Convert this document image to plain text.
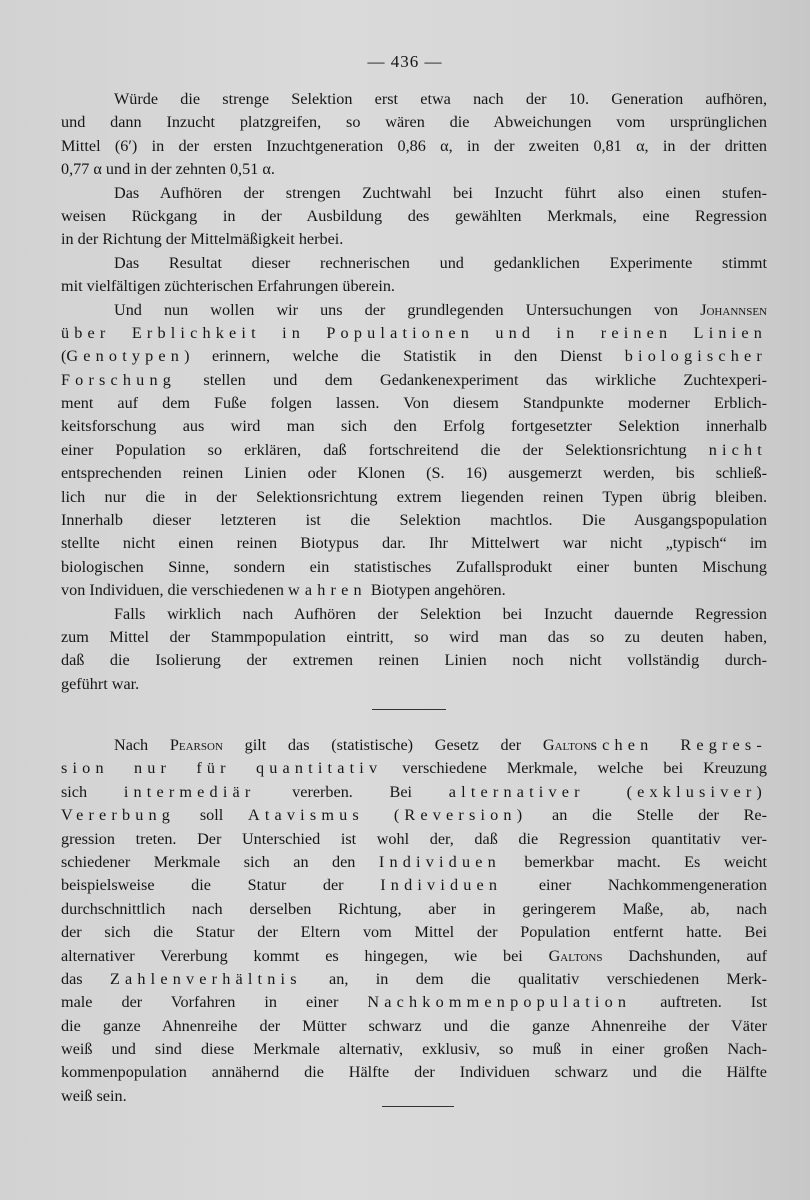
— 436 —
Würde die strenge Selektion erst etwa nach der 10. Generation aufhören,
und dann Inzucht platzgreifen, so wären die Abweichungen vom ursprünglichen
Mittel (6′) in der ersten Inzuchtgeneration 0,86 α, in der zweiten 0,81 α, in der dritten
0,77 α und in der zehnten 0,51 α.
Das Aufhören der strengen Zuchtwahl bei Inzucht führt also einen stufen-
weisen Rückgang in der Ausbildung des gewählten Merkmals, eine Regression
in der Richtung der Mittelmäßigkeit herbei.
Das Resultat dieser rechnerischen und gedanklichen Experimente stimmt
mit vielfältigen züchterischen Erfahrungen überein.
Und nun wollen wir uns der grundlegenden Untersuchungen von Johannsen
über Erblichkeit in Populationen und in reinen Linien
(Genotypen) erinnern, welche die Statistik in den Dienst biologischer
Forschung stellen und dem Gedankenexperiment das wirkliche Zuchtexperi-
ment auf dem Fuße folgen lassen. Von diesem Standpunkte moderner Erblich-
keitsforschung aus wird man sich den Erfolg fortgesetzter Selektion innerhalb
einer Population so erklären, daß fortschreitend die der Selektionsrichtung nicht
entsprechenden reinen Linien oder Klonen (S. 16) ausgemerzt werden, bis schließ-
lich nur die in der Selektionsrichtung extrem liegenden reinen Typen übrig bleiben.
Innerhalb dieser letzteren ist die Selektion machtlos. Die Ausgangspopulation
stellte nicht einen reinen Biotypus dar. Ihr Mittelwert war nicht „typisch“ im
biologischen Sinne, sondern ein statistisches Zufallsprodukt einer bunten Mischung
von Individuen, die verschiedenen wahren Biotypen angehören.
Falls wirklich nach Aufhören der Selektion bei Inzucht dauernde Regression
zum Mittel der Stammpopulation eintritt, so wird man das so zu deuten haben,
daß die Isolierung der extremen reinen Linien noch nicht vollständig durch-
geführt war.
Nach Pearson gilt das (statistische) Gesetz der Galtonschen Regres-
sion nur für quantitativ verschiedene Merkmale, welche bei Kreuzung
sich intermediär vererben. Bei alternativer (exklusiver)
Vererbung soll Atavismus (Reversion) an die Stelle der Re-
gression treten. Der Unterschied ist wohl der, daß die Regression quantitativ ver-
schiedener Merkmale sich an den Individuen bemerkbar macht. Es weicht
beispielsweise die Statur der Individuen einer Nachkommengeneration
durchschnittlich nach derselben Richtung, aber in geringerem Maße, ab, nach
der sich die Statur der Eltern vom Mittel der Population entfernt hatte. Bei
alternativer Vererbung kommt es hingegen, wie bei Galtons Dachshunden, auf
das Zahlenverhältnis an, in dem die qualitativ verschiedenen Merk-
male der Vorfahren in einer Nachkommenpopulation auftreten. Ist
die ganze Ahnenreihe der Mütter schwarz und die ganze Ahnenreihe der Väter
weiß und sind diese Merkmale alternativ, exklusiv, so muß in einer großen Nach-
kommenpopulation annähernd die Hälfte der Individuen schwarz und die Hälfte
weiß sein.
